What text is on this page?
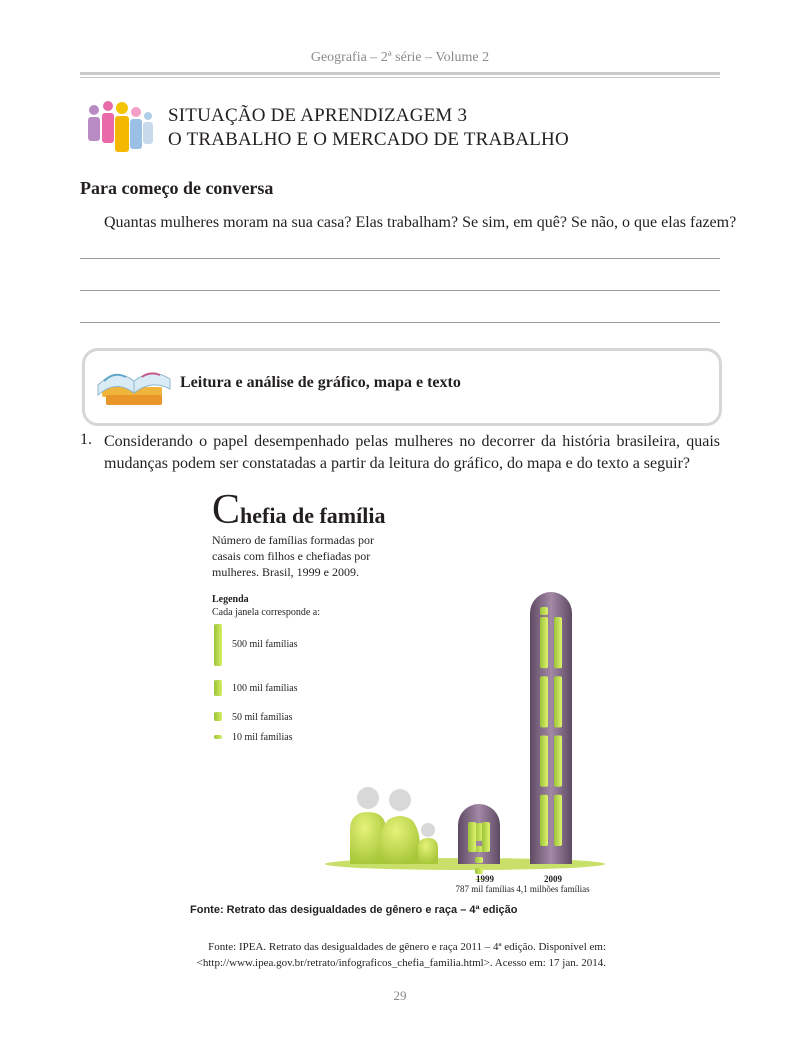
Geografia – 2ª série – Volume 2
SITUAÇÃO DE APRENDIZAGEM 3
O TRABALHO E O MERCADO DE TRABALHO
Para começo de conversa
Quantas mulheres moram na sua casa? Elas trabalham? Se sim, em quê? Se não, o que elas fazem?
Leitura e análise de gráfico, mapa e texto
1. Considerando o papel desempenhado pelas mulheres no decorrer da história brasileira, quais mudanças podem ser constatadas a partir da leitura do gráfico, do mapa e do texto a seguir?
Chefia de família
Número de famílias formadas por casais com filhos e chefiadas por mulheres. Brasil, 1999 e 2009.
Legenda
Cada janela corresponde a:
500 mil famílias
100 mil famílias
50 mil famílias
10 mil famílias
1999	2009
787 mil famílias 4,1 milhões famílias
Fonte: Retrato das desigualdades de gênero e raça – 4ª edição
Fonte: IPEA. Retrato das desigualdades de gênero e raça 2011 – 4ª edição. Disponível em:
<http://www.ipea.gov.br/retrato/infograficos_chefia_familia.html>. Acesso em: 17 jan. 2014.
29
